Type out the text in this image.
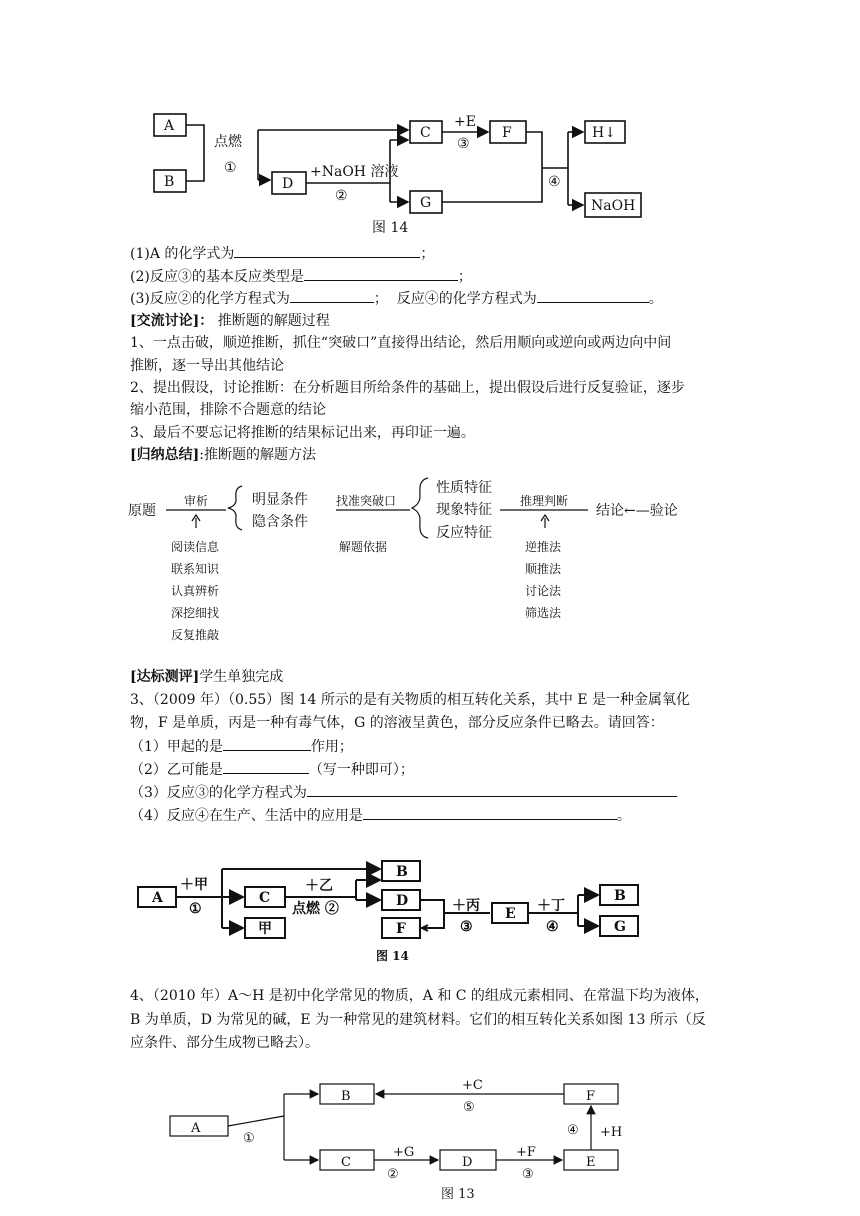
A
B	D
C	F
G
H↓
NaOH
点燃
①	+NaOH 溶液
②
+E
③
④
图 14
(1)A 的化学式为	；
(2)反应③的基本反应类型是	；
(3)反应②的化学方程式为	； 反应④的化学方程式为	。
[交流讨论]： 推断题的解题过程
1、一点击破，顺逆推断，抓住“突破口”直接得出结论，然后用顺向或逆向或两边向中间
推断，逐一导出其他结论
2、提出假设，讨论推断：在分析题目所给条件的基础上，提出假设后进行反复验证，逐步
缩小范围，排除不合题意的结论
3、最后不要忘记将推断的结果标记出来，再印证一遍。
[归纳总结]:推断题的解题方法
原题
审析	明显条件
隐含条件
找准突破口
性质特征
现象特征
反应特征
推理判断
结论←—验论
阅读信息
联系知识
认真辨析
深挖细找
反复推敲
解题依据	逆推法
顺推法
讨论法
筛选法
[达标测评]学生单独完成
3、（2009 年）（0.55）图 14 所示的是有关物质的相互转化关系，其中 E 是一种金属氧化
物，F 是单质，丙是一种有毒气体，G 的溶液呈黄色，部分反应条件已略去。请回答：
（1）甲起的是	作用；
（2）乙可能是	（写一种即可）；
（3）反应③的化学方程式为
（4）反应④在生产、生活中的应用是	。
A	C
甲
B
D
F
E
B
G
＋甲
①
＋乙
点燃 ②	＋丙
③
＋丁
④
图 14
4、（2010 年）A～H 是初中化学常见的物质，A 和 C 的组成元素相同、在常温下均为液体，
B 为单质，D 为常见的碱，E 为一种常见的建筑材料。它们的相互转化关系如图 13 所示（反
应条件、部分生成物已略去）。
A
B	F
C	D	E
+C
⑤
①
+G
②
+F
③
④ +H
图 13
